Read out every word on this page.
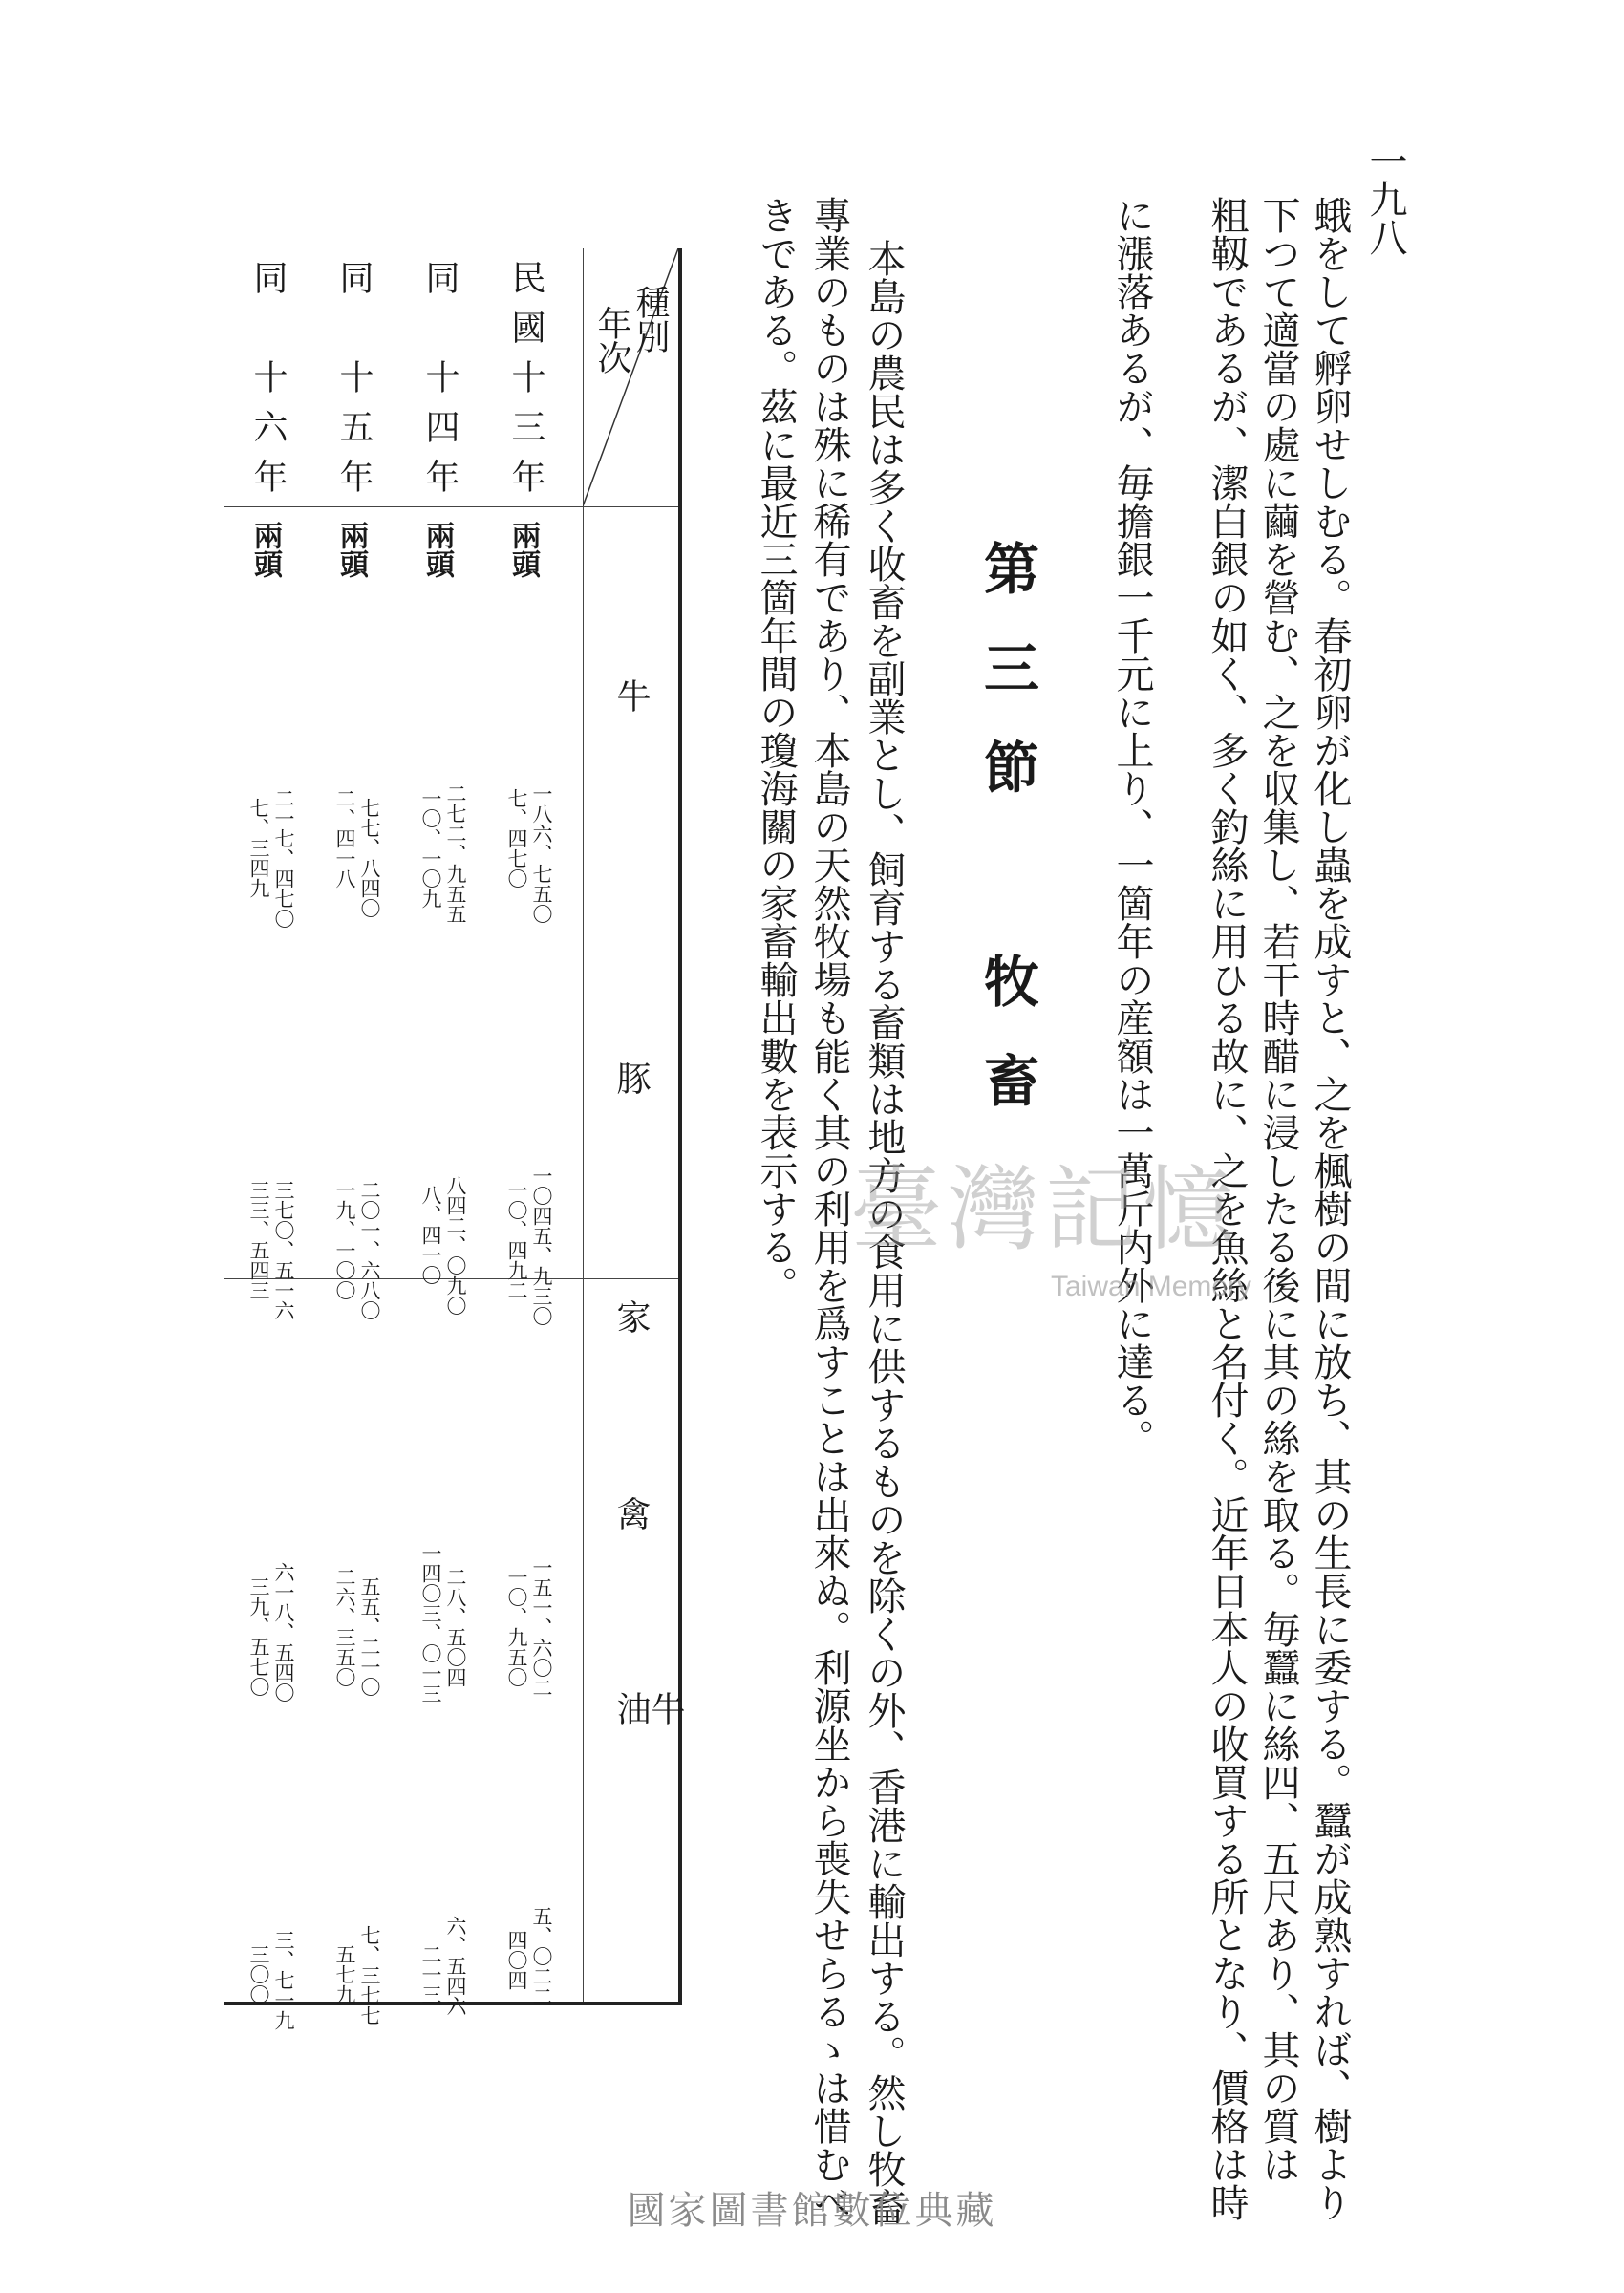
一九八
蛾をして孵卵せしむる。春初卵が化し蟲を成すと、之を楓樹の間に放ち、其の生長に委する。蠶が成熟すれば、樹より
下つて適當の處に繭を營む、之を収集し、若干時醋に浸したる後に其の絲を取る。毎蠶に絲四、五尺あり、其の質は
粗靱であるが、潔白銀の如く、多く釣絲に用ひる故に、之を魚絲と名付く。近年日本人の收買する所となり、價格は時
に漲落あるが、毎擔銀一千元に上り、一箇年の産額は一萬斤内外に達る。
第三節牧畜
本島の農民は多く收畜を副業とし、飼育する畜類は地方の食用に供するものを除くの外、香港に輸出する。然し牧畜
專業のものは殊に稀有であり、本島の天然牧場も能く其の利用を爲すことは出來ぬ。利源坐から喪失せらるゝは惜むべ
きである。茲に最近三箇年間の瓊海關の家畜輸出數を表示する。
種別
年次
牛
豚
家禽
牛油
民國十三年
同　十四年
同　十五年
同　十六年
兩頭
兩頭
兩頭
兩頭
七、四七〇 一八六、七五〇
一〇、四九二 一〇四五、九三〇
一〇、九五〇 一五一、六〇二
四〇四 五、〇二二
一〇、一〇九 二七二、九五五
八、四一〇 八四二、〇九〇
一四〇三、〇一三 二八、五〇四
二一三 六、五四六
二、四一八 七七、八四〇
一九、一〇〇 二〇一、六八〇
二六、三五〇 五五、二一〇
五七九 七、三七七
七、三四九 二一七、四七〇
三三、五四三 三七〇、五一六
三九、五七〇 六一八、五四〇
三〇〇 三、七一九
臺灣記憶
Taiwan Memory
國家圖書館數位典藏
